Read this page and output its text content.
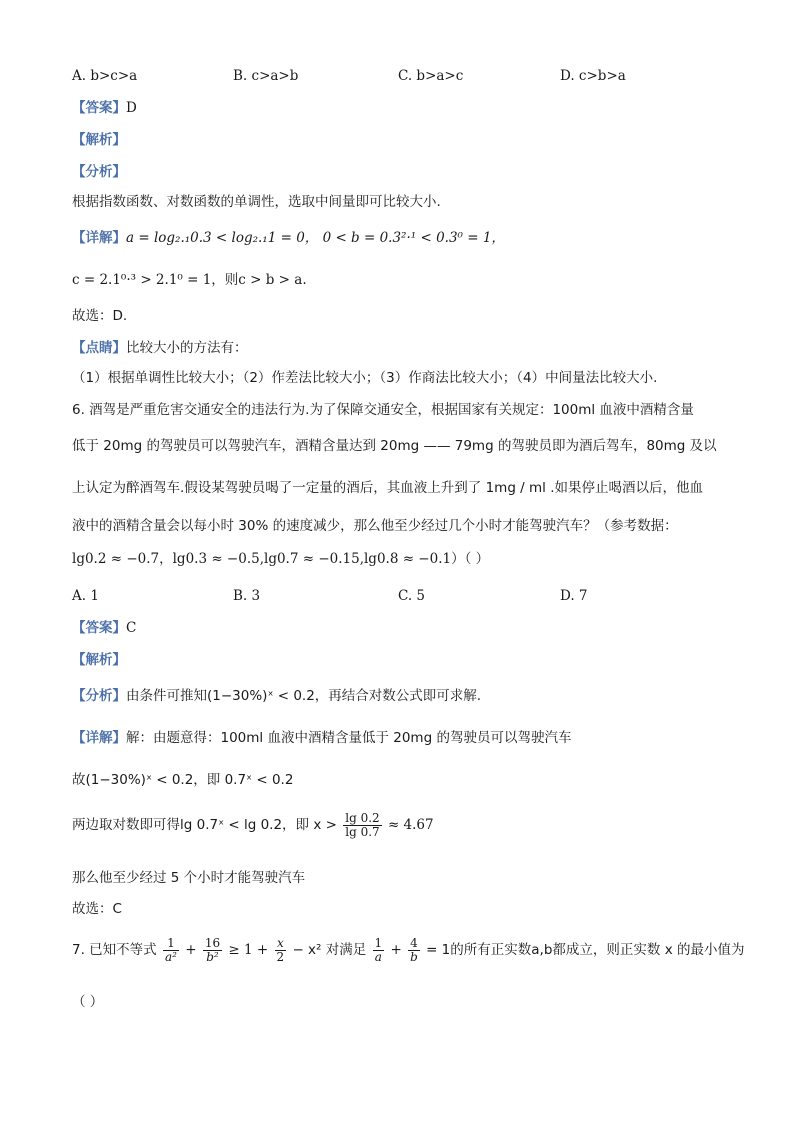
A. b>c>a	B. c>a>b	C. b>a>c	D. c>b>a
【答案】D
【解析】
【分析】
根据指数函数、对数函数的单调性，选取中间量即可比较大小.
【详解】a = log₂.₁0.3 < log₂.₁1 = 0， 0 < b = 0.3²·¹ < 0.3⁰ = 1，
c = 2.1⁰·³ > 2.1⁰ = 1，则c > b > a.
故选：D.
【点睛】比较大小的方法有：
（1）根据单调性比较大小；（2）作差法比较大小；（3）作商法比较大小；（4）中间量法比较大小.
6. 酒驾是严重危害交通安全的违法行为.为了保障交通安全，根据国家有关规定：100ml 血液中酒精含量
低于 20mg 的驾驶员可以驾驶汽车，酒精含量达到 20mg —— 79mg 的驾驶员即为酒后驾车，80mg 及以
上认定为醉酒驾车.假设某驾驶员喝了一定量的酒后，其血液上升到了 1mg / ml .如果停止喝酒以后，他血
液中的酒精含量会以每小时 30% 的速度减少，那么他至少经过几个小时才能驾驶汽车？（参考数据：
lg0.2 ≈ −0.7，lg0.3 ≈ −0.5,lg0.7 ≈ −0.15,lg0.8 ≈ −0.1）（ ）
A. 1	B. 3	C. 5	D. 7
【答案】C
【解析】
【分析】由条件可推知(1−30%)ˣ < 0.2，再结合对数公式即可求解.
【详解】解：由题意得：100ml 血液中酒精含量低于 20mg 的驾驶员可以驾驶汽车
故(1−30%)ˣ < 0.2，即 0.7ˣ < 0.2
两边取对数即可得lg 0.7ˣ < lg 0.2，即 $x > \frac{\lg 0.2}{\lg 0.7} \approx 4.67$
那么他至少经过 5 个小时才能驾驶汽车
故选：C
7. 已知不等式 $\frac{1}{\text{a²}} + \frac{16}{\text{b²}} \ge 1 + \frac{x}{2} - x^2$ 对满足 $\frac{1}{a} + \frac{4}{b} = 1$的所有正实数a,b都成立，则正实数 x 的最小值为
（ ）
